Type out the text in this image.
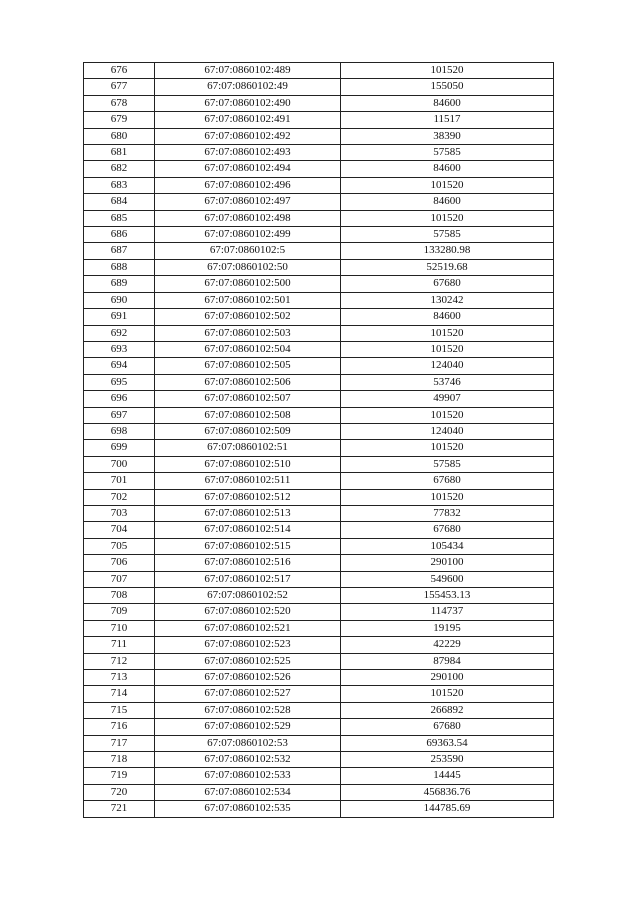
676	67:07:0860102:489	101520
677	67:07:0860102:49	155050
678	67:07:0860102:490	84600
679	67:07:0860102:491	11517
680	67:07:0860102:492	38390
681	67:07:0860102:493	57585
682	67:07:0860102:494	84600
683	67:07:0860102:496	101520
684	67:07:0860102:497	84600
685	67:07:0860102:498	101520
686	67:07:0860102:499	57585
687	67:07:0860102:5	133280.98
688	67:07:0860102:50	52519.68
689	67:07:0860102:500	67680
690	67:07:0860102:501	130242
691	67:07:0860102:502	84600
692	67:07:0860102:503	101520
693	67:07:0860102:504	101520
694	67:07:0860102:505	124040
695	67:07:0860102:506	53746
696	67:07:0860102:507	49907
697	67:07:0860102:508	101520
698	67:07:0860102:509	124040
699	67:07:0860102:51	101520
700	67:07:0860102:510	57585
701	67:07:0860102:511	67680
702	67:07:0860102:512	101520
703	67:07:0860102:513	77832
704	67:07:0860102:514	67680
705	67:07:0860102:515	105434
706	67:07:0860102:516	290100
707	67:07:0860102:517	549600
708	67:07:0860102:52	155453.13
709	67:07:0860102:520	114737
710	67:07:0860102:521	19195
711	67:07:0860102:523	42229
712	67:07:0860102:525	87984
713	67:07:0860102:526	290100
714	67:07:0860102:527	101520
715	67:07:0860102:528	266892
716	67:07:0860102:529	67680
717	67:07:0860102:53	69363.54
718	67:07:0860102:532	253590
719	67:07:0860102:533	14445
720	67:07:0860102:534	456836.76
721	67:07:0860102:535	144785.69
